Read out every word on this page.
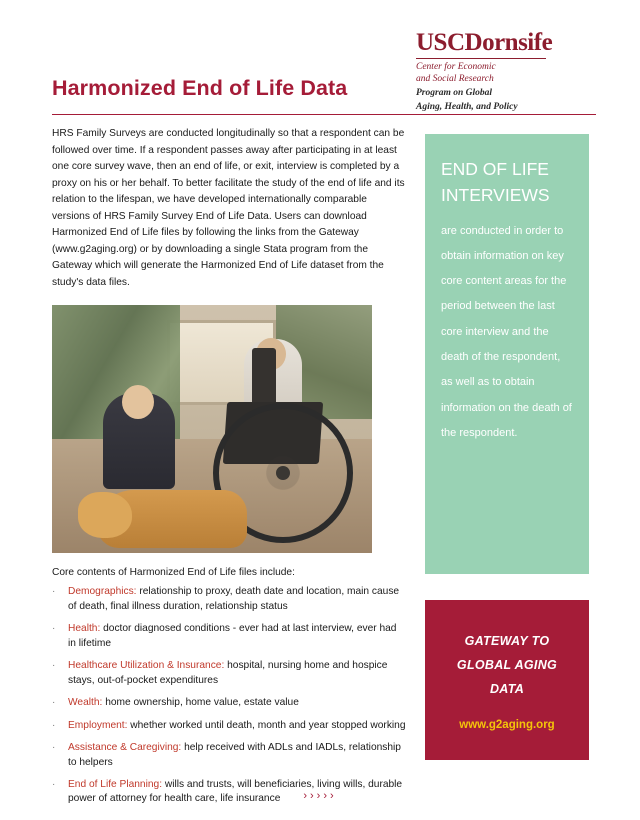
USCDornsife
Center for Economic
and Social Research
Program on Global
Aging, Health, and Policy
Harmonized End of Life Data
HRS Family Surveys are conducted longitudinally so that a respondent can be followed over time. If a respondent passes away after participating in at least one core survey wave, then an end of life, or exit, interview is completed by a proxy on his or her behalf. To better facilitate the study of the end of life and its relation to the lifespan, we have developed internationally comparable versions of HRS Family Survey End of Life Data. Users can download Harmonized End of Life files by following the links from the Gateway (www.g2aging.org) or by downloading a single Stata program from the Gateway which will generate the Harmonized End of Life dataset from the study's data files.
Core contents of Harmonized End of Life files include:
·	Demographics: relationship to proxy, death date and location, main cause of death, final illness duration, relationship status
·	Health: doctor diagnosed conditions - ever had at last interview, ever had in lifetime
·	Healthcare Utilization & Insurance: hospital, nursing home and hospice stays, out-of-pocket expenditures
·	Wealth: home ownership, home value, estate value
·	Employment: whether worked until death, month and year stopped working
·	Assistance & Caregiving: help received with ADLs and IADLs, relationship to helpers
·	End of Life Planning: wills and trusts, will beneficiaries, living wills, durable power of attorney for health care, life insurance
END OF LIFE INTERVIEWS
are conducted in order to obtain information on key core content areas for the period between the last core interview and the death of the respondent, as well as to obtain information on the death of the respondent.
GATEWAY TO
GLOBAL AGING
DATA
www.g2aging.org
›››››
